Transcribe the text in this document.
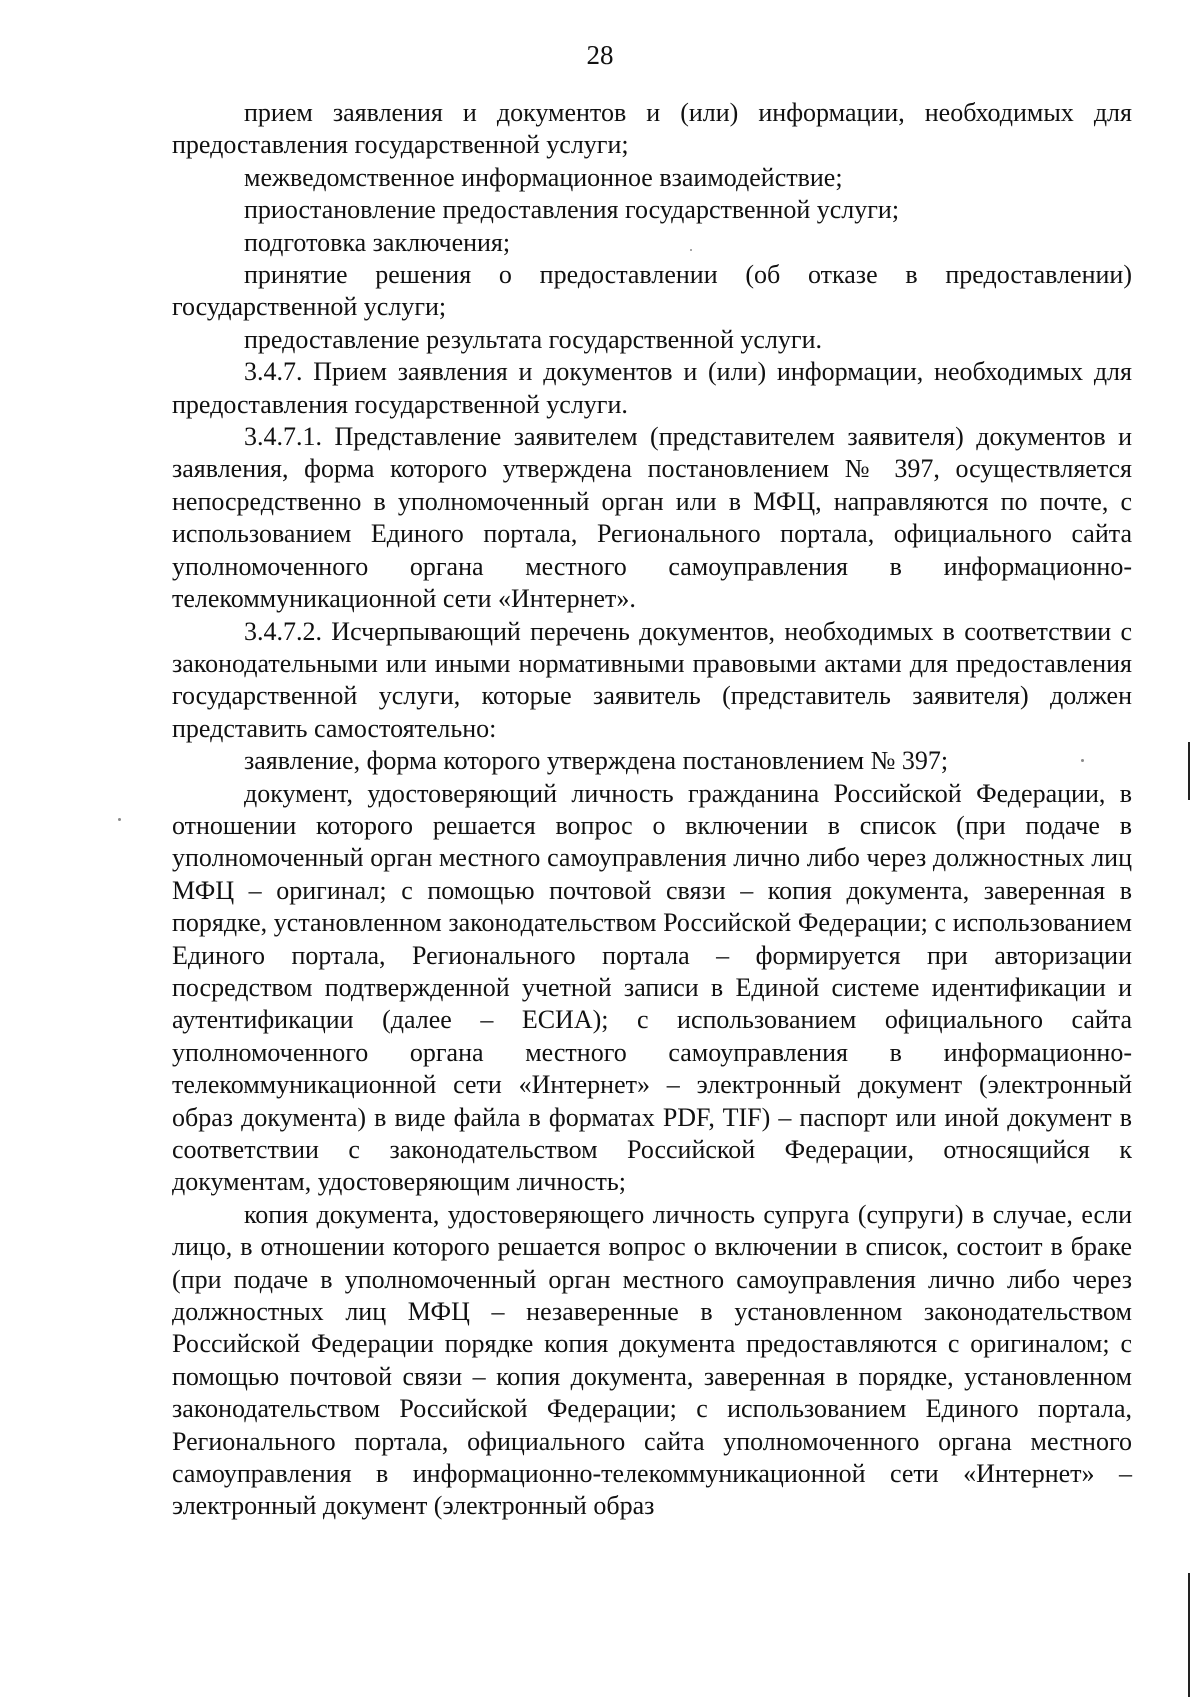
28

прием заявления и документов и (или) информации, необходимых для предоставления государственной услуги;

межведомственное информационное взаимодействие;

приостановление предоставления государственной услуги;

подготовка заключения;

принятие решения о предоставлении (об отказе в предоставлении) государственной услуги;

предоставление результата государственной услуги.

3.4.7. Прием заявления и документов и (или) информации, необходимых для предоставления государственной услуги.

3.4.7.1. Представление заявителем (представителем заявителя) документов и заявления, форма которого утверждена постановлением № 397, осуществляется непосредственно в уполномоченный орган или в МФЦ, направляются по почте, с использованием Единого портала, Регионального портала, официального сайта уполномоченного органа местного самоуправления в информационно-телекоммуникационной сети «Интернет».

3.4.7.2. Исчерпывающий перечень документов, необходимых в соответствии с законодательными или иными нормативными правовыми актами для предоставления государственной услуги, которые заявитель (представитель заявителя) должен представить самостоятельно:

заявление, форма которого утверждена постановлением № 397;

документ, удостоверяющий личность гражданина Российской Федерации, в отношении которого решается вопрос о включении в список (при подаче в уполномоченный орган местного самоуправления лично либо через должностных лиц МФЦ – оригинал; с помощью почтовой связи – копия документа, заверенная в порядке, установленном законодательством Российской Федерации; с использованием Единого портала, Регионального портала – формируется при авторизации посредством подтвержденной учетной записи в Единой системе идентификации и аутентификации (далее – ЕСИА); с использованием официального сайта уполномоченного органа местного самоуправления в информационно-телекоммуникационной сети «Интернет» – электронный документ (электронный образ документа) в виде файла в форматах PDF, TIF) – паспорт или иной документ в соответствии с законодательством Российской Федерации, относящийся к документам, удостоверяющим личность;

копия документа, удостоверяющего личность супруга (супруги) в случае, если лицо, в отношении которого решается вопрос о включении в список, состоит в браке (при подаче в уполномоченный орган местного самоуправления лично либо через должностных лиц МФЦ – незаверенные в установленном законодательством Российской Федерации порядке копия документа предоставляются с оригиналом; с помощью почтовой связи – копия документа, заверенная в порядке, установленном законодательством Российской Федерации; с использованием Единого портала, Регионального портала, официального сайта уполномоченного органа местного самоуправления в информационно-телекоммуникационной сети «Интернет» – электронный документ (электронный образ
